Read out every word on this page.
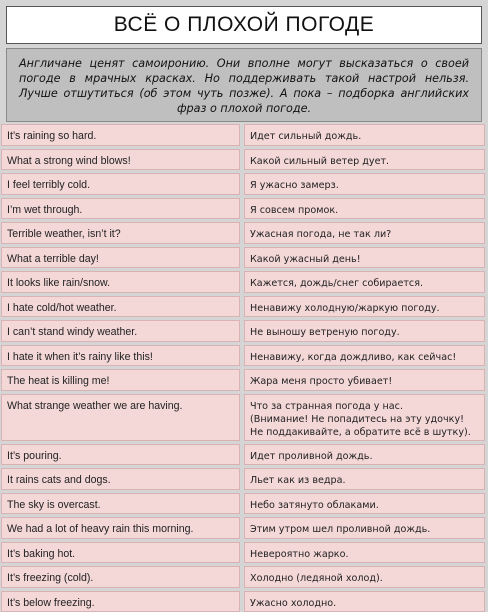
ВСЁ О ПЛОХОЙ ПОГОДЕ
Англичане ценят самоиронию. Они вполне могут высказаться о своей погоде в мрачных красках. Но поддерживать такой настрой нельзя. Лучше отшутиться (об этом чуть позже). А пока – подборка английских фраз о плохой погоде.
It’s raining so hard.	Идет сильный дождь.
What a strong wind blows!	Какой сильный ветер дует.
I feel terribly cold.	Я ужасно замерз.
I’m wet through.	Я совсем промок.
Terrible weather, isn’t it?	Ужасная погода, не так ли?
What a terrible day!	Какой ужасный день!
It looks like rain/snow.	Кажется, дождь/снег собирается.
I hate cold/hot weather.	Ненавижу холодную/жаркую погоду.
I can’t stand windy weather.	Не выношу ветреную погоду.
I hate it when it’s rainy like this!	Ненавижу, когда дождливо, как сейчас!
The heat is killing me!	Жара меня просто убивает!
What strange weather we are having.	Что за странная погода у нас.
(Внимание! Не попадитесь на эту удочку!
Не поддакивайте, а обратите всё в шутку).
It’s pouring.	Идет проливной дождь.
It rains cats and dogs.	Льет как из ведра.
The sky is overcast.	Небо затянуто облаками.
We had a lot of heavy rain this morning.	Этим утром шел проливной дождь.
It’s baking hot.	Невероятно жарко.
It’s freezing (cold).	Холодно (ледяной холод).
It’s below freezing.	Ужасно холодно.
